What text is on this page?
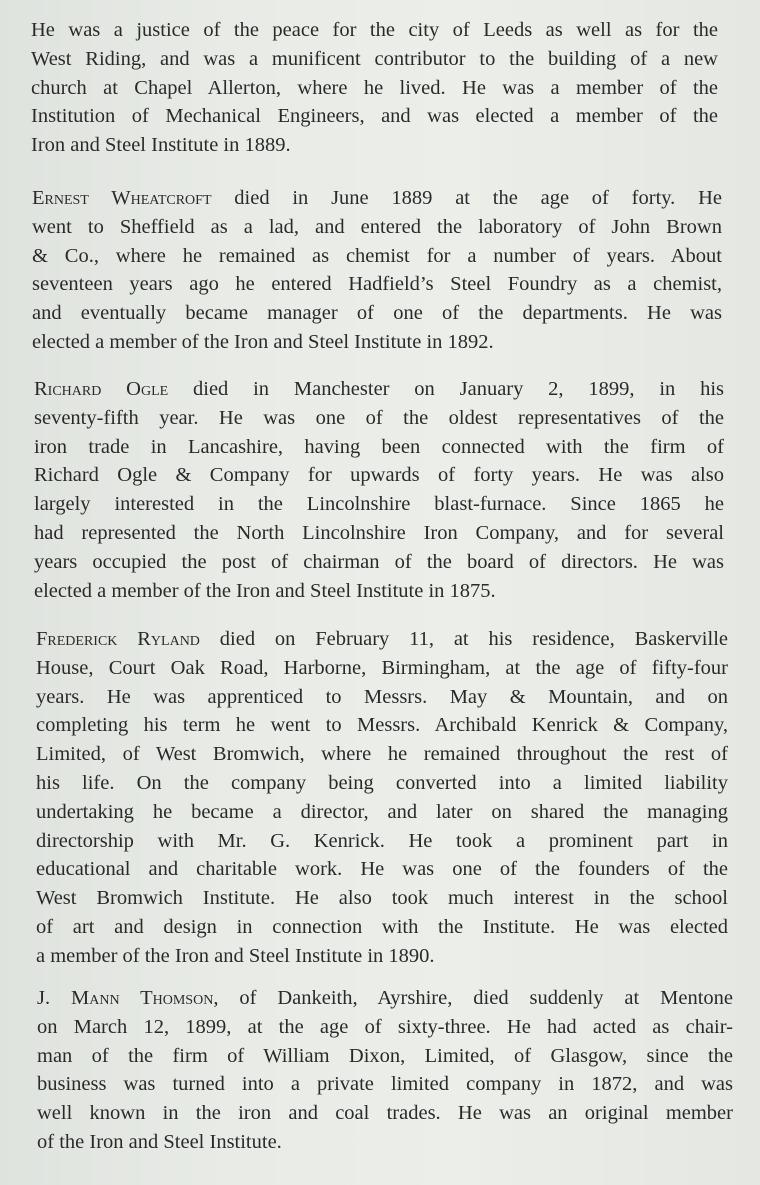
He was a justice of the peace for the city of Leeds as well as for the
West Riding, and was a munificent contributor to the building of a new
church at Chapel Allerton, where he lived. He was a member of the
Institution of Mechanical Engineers, and was elected a member of the
Iron and Steel Institute in 1889.
Ernest Wheatcroft died in June 1889 at the age of forty. He
went to Sheffield as a lad, and entered the laboratory of John Brown
& Co., where he remained as chemist for a number of years. About
seventeen years ago he entered Hadfield’s Steel Foundry as a chemist,
and eventually became manager of one of the departments. He was
elected a member of the Iron and Steel Institute in 1892.
Richard Ogle died in Manchester on January 2, 1899, in his
seventy-fifth year. He was one of the oldest representatives of the
iron trade in Lancashire, having been connected with the firm of
Richard Ogle & Company for upwards of forty years. He was also
largely interested in the Lincolnshire blast-furnace. Since 1865 he
had represented the North Lincolnshire Iron Company, and for several
years occupied the post of chairman of the board of directors. He was
elected a member of the Iron and Steel Institute in 1875.
Frederick Ryland died on February 11, at his residence, Baskerville
House, Court Oak Road, Harborne, Birmingham, at the age of fifty-four
years. He was apprenticed to Messrs. May & Mountain, and on
completing his term he went to Messrs. Archibald Kenrick & Company,
Limited, of West Bromwich, where he remained throughout the rest of
his life. On the company being converted into a limited liability
undertaking he became a director, and later on shared the managing
directorship with Mr. G. Kenrick. He took a prominent part in
educational and charitable work. He was one of the founders of the
West Bromwich Institute. He also took much interest in the school
of art and design in connection with the Institute. He was elected
a member of the Iron and Steel Institute in 1890.
J. Mann Thomson, of Dankeith, Ayrshire, died suddenly at Mentone
on March 12, 1899, at the age of sixty-three. He had acted as chair-
man of the firm of William Dixon, Limited, of Glasgow, since the
business was turned into a private limited company in 1872, and was
well known in the iron and coal trades. He was an original member
of the Iron and Steel Institute.
